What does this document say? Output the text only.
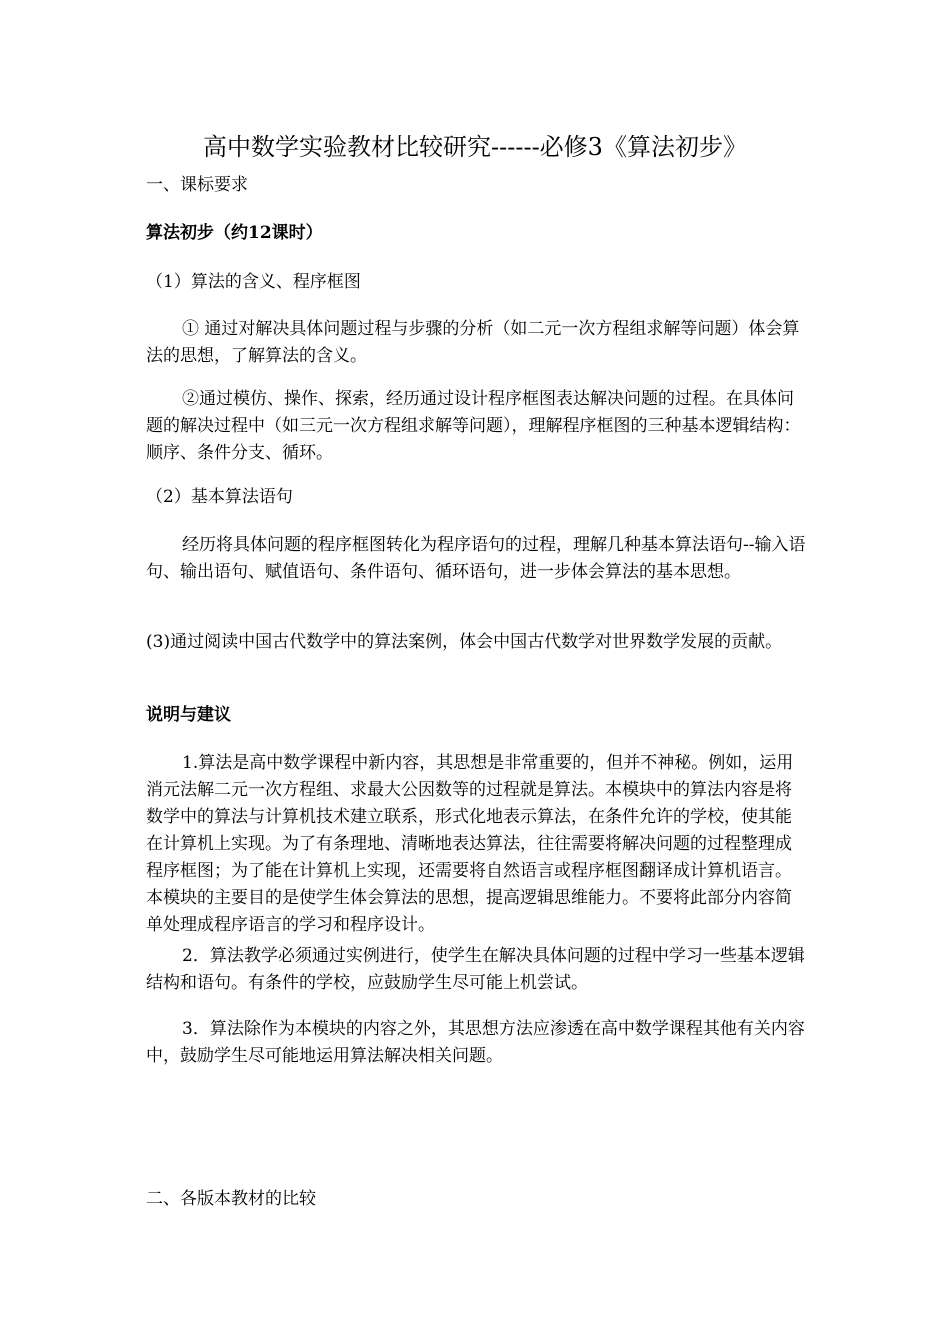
高中数学实验教材比较研究------必修3《算法初步》

一、课标要求

算法初步（约12课时）

（1）算法的含义、程序框图

① 通过对解决具体问题过程与步骤的分析（如二元一次方程组求解等问题）体会算法的思想，了解算法的含义。

②通过模仿、操作、探索，经历通过设计程序框图表达解决问题的过程。在具体问题的解决过程中（如三元一次方程组求解等问题），理解程序框图的三种基本逻辑结构：顺序、条件分支、循环。

（2）基本算法语句

经历将具体问题的程序框图转化为程序语句的过程，理解几种基本算法语句--输入语句、输出语句、赋值语句、条件语句、循环语句，进一步体会算法的基本思想。

(3)通过阅读中国古代数学中的算法案例，体会中国古代数学对世界数学发展的贡献。

说明与建议

1.算法是高中数学课程中新内容，其思想是非常重要的，但并不神秘。例如，运用消元法解二元一次方程组、求最大公因数等的过程就是算法。本模块中的算法内容是将数学中的算法与计算机技术建立联系，形式化地表示算法，在条件允许的学校，使其能在计算机上实现。为了有条理地、清晰地表达算法，往往需要将解决问题的过程整理成程序框图；为了能在计算机上实现，还需要将自然语言或程序框图翻译成计算机语言。本模块的主要目的是使学生体会算法的思想，提高逻辑思维能力。不要将此部分内容简单处理成程序语言的学习和程序设计。

2．算法教学必须通过实例进行，使学生在解决具体问题的过程中学习一些基本逻辑结构和语句。有条件的学校，应鼓励学生尽可能上机尝试。

3．算法除作为本模块的内容之外，其思想方法应渗透在高中数学课程其他有关内容中，鼓励学生尽可能地运用算法解决相关问题。

二、各版本教材的比较
